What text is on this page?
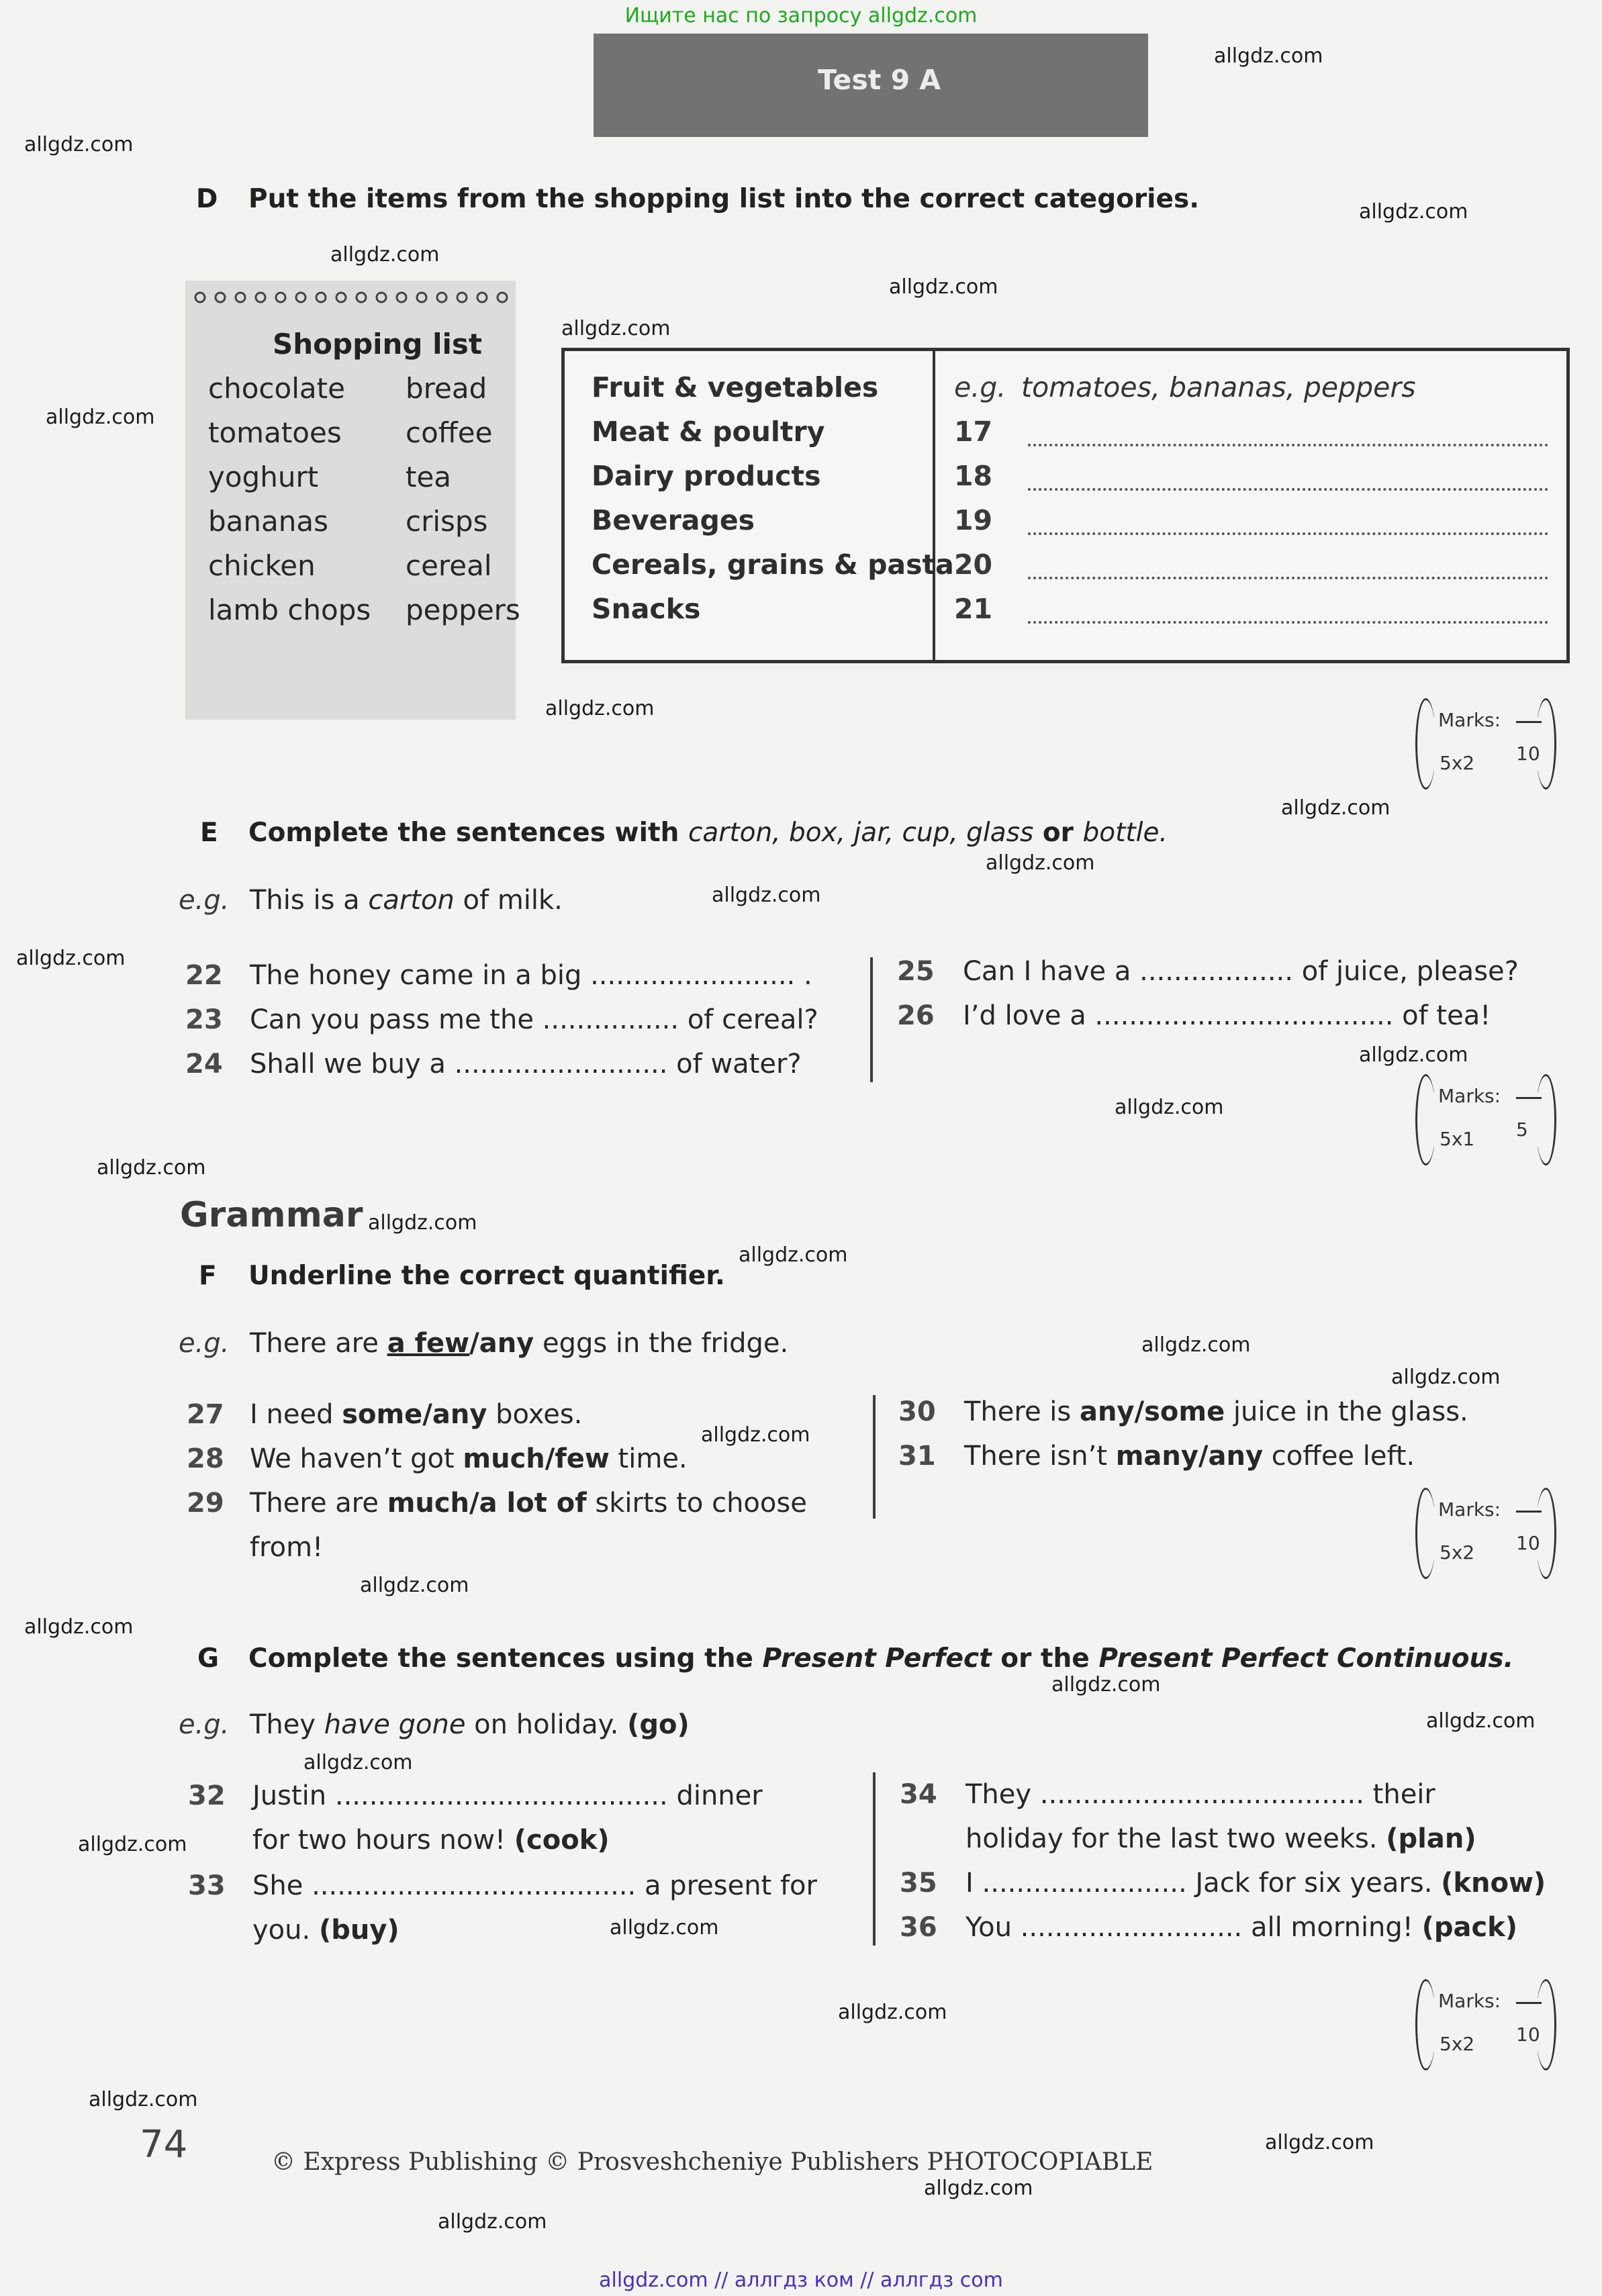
Ищите нас по запросу allgdz.com
allgdz.com // аллгдз ком // аллгдз com
Test 9 A
allgdz.com
allgdz.com
allgdz.com
allgdz.com
allgdz.com
allgdz.com
allgdz.com
allgdz.com
allgdz.com
allgdz.com
allgdz.com
allgdz.com
allgdz.com
allgdz.com
allgdz.com
allgdz.com
allgdz.com
allgdz.com
allgdz.com
allgdz.com
allgdz.com
allgdz.com
allgdz.com
allgdz.com
allgdz.com
allgdz.com
allgdz.com
allgdz.com
allgdz.com
allgdz.com
allgdz.com
allgdz.com
D Put the items from the shopping list into the correct categories.
Shopping list
chocolate
tomatoes
yoghurt
bananas
chicken
lamb chops
bread
coffee
tea
crisps
cereal
peppers
Fruit & vegetables
Meat & poultry
Dairy products
Beverages
Cereals, grains & pasta
Snacks
e.g. tomatoes, bananas, peppers
17
18
19
20
21
Marks:
10
5x2
E Complete the sentences with carton, box, jar, cup, glass or bottle.
e.g. This is a carton of milk.
22 The honey came in a big ........................ .
23 Can you pass me the ................ of cereal?
24 Shall we buy a ......................... of water?
25 Can I have a .................. of juice, please?
26 I’d love a ................................... of tea!
Marks:
5
5x1
Grammar
F Underline the correct quantifier.
e.g. There are a few/any eggs in the fridge.
27 I need some/any boxes.
28 We haven’t got much/few time.
29 There are much/a lot of skirts to choose
from!
30 There is any/some juice in the glass.
31 There isn’t many/any coffee left.
Marks:
10
5x2
G Complete the sentences using the Present Perfect or the Present Perfect Continuous.
e.g. They have gone on holiday. (go)
32 Justin ....................................... dinner
for two hours now! (cook)
33 She ...................................... a present for
you. (buy)
34 They ...................................... their
holiday for the last two weeks. (plan)
35 I ........................ Jack for six years. (know)
36 You .......................... all morning! (pack)
Marks:
10
5x2
74	© Express Publishing © Prosveshcheniye Publishers PHOTOCOPIABLE
